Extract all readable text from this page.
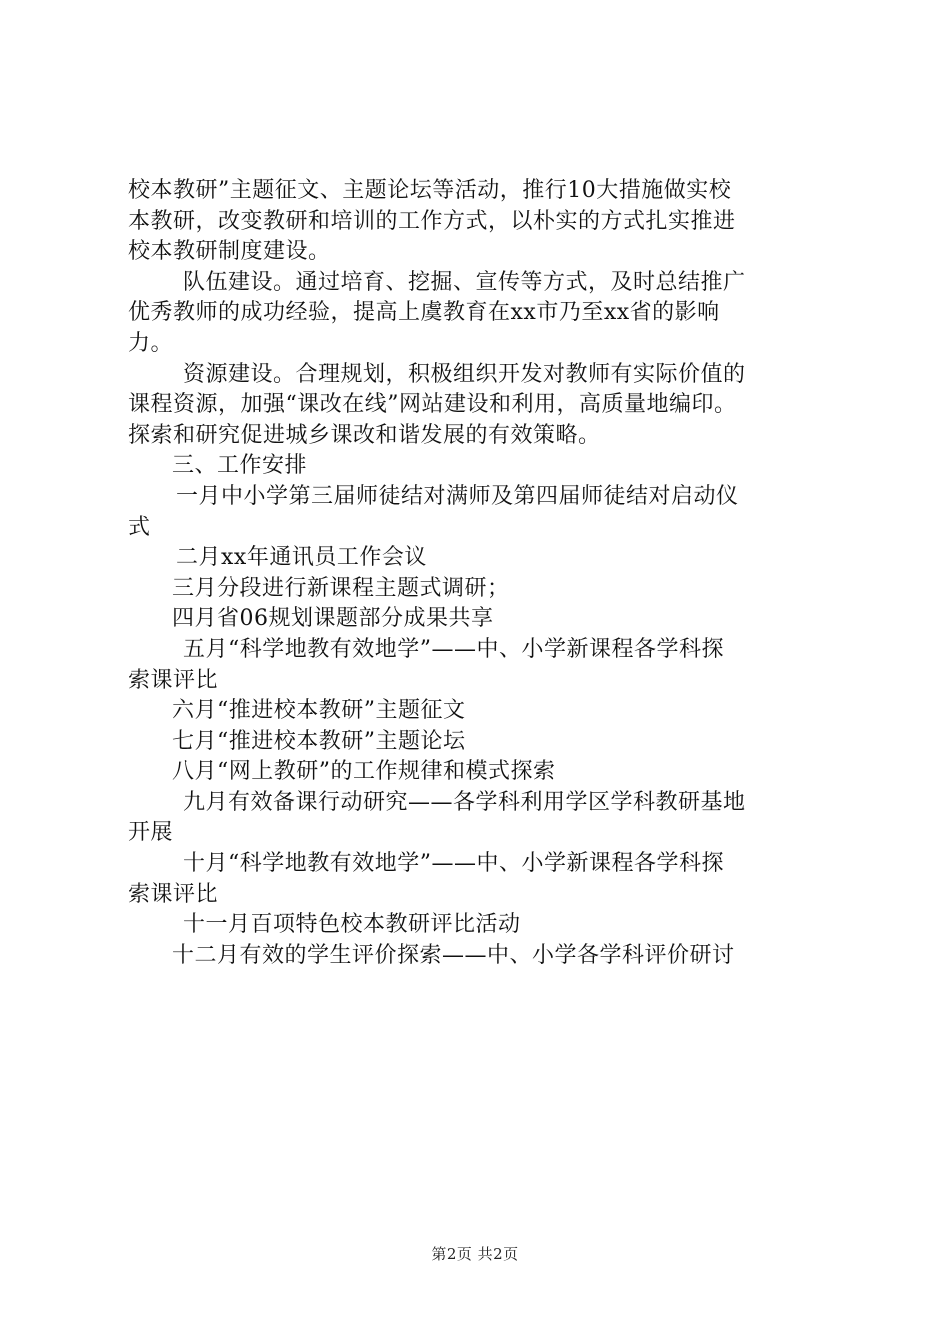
校本教研”主题征文、主题论坛等活动，推行10大措施做实校
本教研，改变教研和培训的工作方式，以朴实的方式扎实推进
校本教研制度建设。
队伍建设。通过培育、挖掘、宣传等方式，及时总结推广
优秀教师的成功经验，提高上虞教育在xx市乃至xx省的影响
力。
资源建设。合理规划，积极组织开发对教师有实际价值的
课程资源，加强“课改在线”网站建设和利用，高质量地编印。
探索和研究促进城乡课改和谐发展的有效策略。
三、工作安排
一月中小学第三届师徒结对满师及第四届师徒结对启动仪
式
二月xx年通讯员工作会议
三月分段进行新课程主题式调研；
四月省06规划课题部分成果共享
五月“科学地教有效地学”——中、小学新课程各学科探
索课评比
六月“推进校本教研”主题征文
七月“推进校本教研”主题论坛
八月“网上教研”的工作规律和模式探索
九月有效备课行动研究——各学科利用学区学科教研基地
开展
十月“科学地教有效地学”——中、小学新课程各学科探
索课评比
十一月百项特色校本教研评比活动
十二月有效的学生评价探索——中、小学各学科评价研讨
第2页 共2页
